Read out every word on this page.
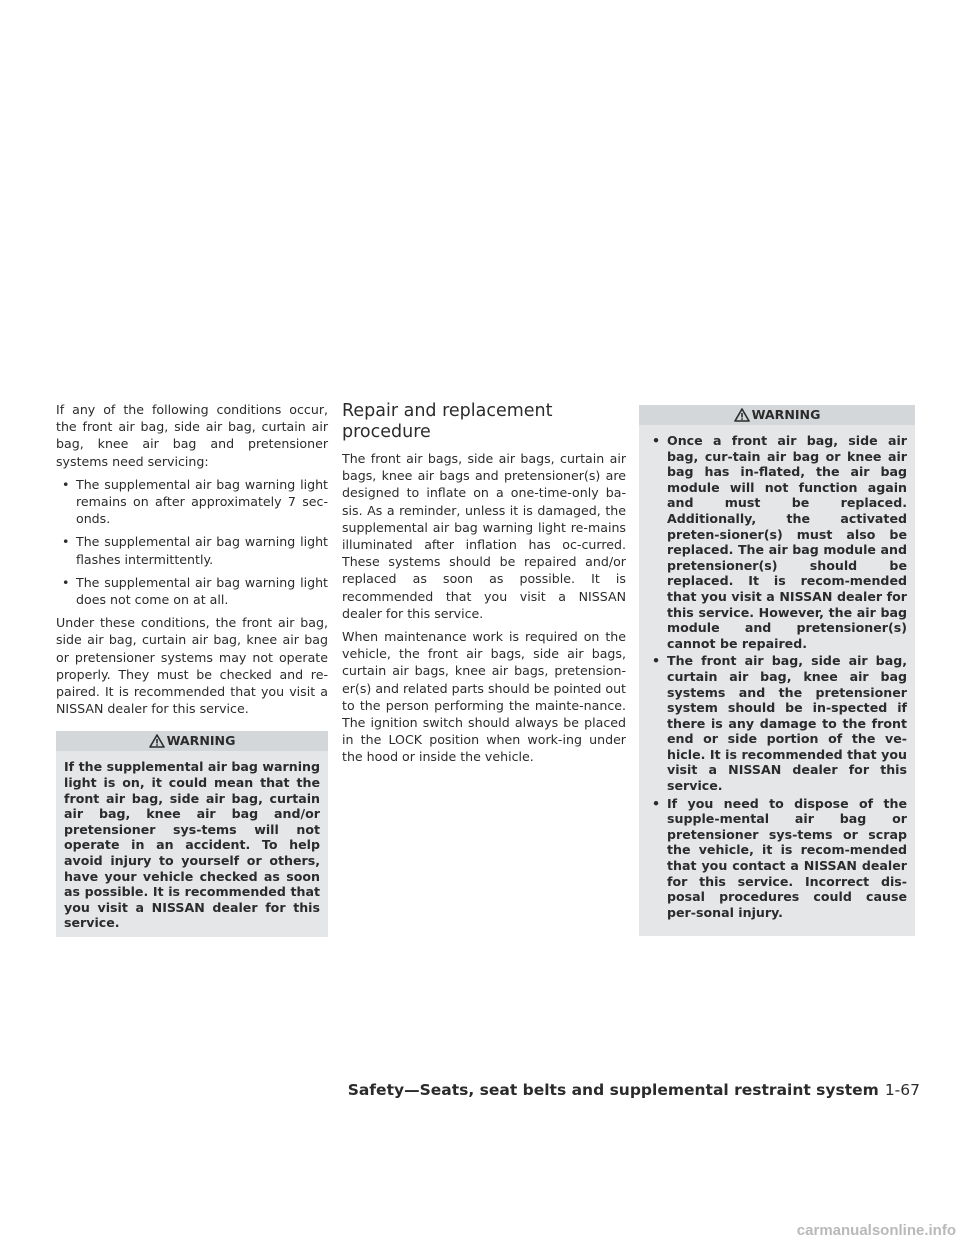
If any of the following conditions occur, the front air bag, side air bag, curtain air bag, knee air bag and pretensioner systems need servicing:

• The supplemental air bag warning light remains on after approximately 7 sec-onds.
• The supplemental air bag warning light flashes intermittently.
• The supplemental air bag warning light does not come on at all.

Under these conditions, the front air bag, side air bag, curtain air bag, knee air bag or pretensioner systems may not operate properly. They must be checked and re-paired. It is recommended that you visit a NISSAN dealer for this service.

WARNING
If the supplemental air bag warning light is on, it could mean that the front air bag, side air bag, curtain air bag, knee air bag and/or pretensioner sys-tems will not operate in an accident. To help avoid injury to yourself or others, have your vehicle checked as soon as possible. It is recommended that you visit a NISSAN dealer for this service.
Repair and replacement procedure

The front air bags, side air bags, curtain air bags, knee air bags and pretensioner(s) are designed to inflate on a one-time-only ba-sis. As a reminder, unless it is damaged, the supplemental air bag warning light re-mains illuminated after inflation has oc-curred. These systems should be repaired and/or replaced as soon as possible. It is recommended that you visit a NISSAN dealer for this service.

When maintenance work is required on the vehicle, the front air bags, side air bags, curtain air bags, knee air bags, pretension-er(s) and related parts should be pointed out to the person performing the mainte-nance. The ignition switch should always be placed in the LOCK position when work-ing under the hood or inside the vehicle.

WARNING
• Once a front air bag, side air bag, cur-tain air bag or knee air bag has in-flated, the air bag module will not function again and must be replaced. Additionally, the activated preten-sioner(s) must also be replaced. The air bag module and pretensioner(s) should be replaced. It is recom-mended that you visit a NISSAN dealer for this service. However, the air bag module and pretensioner(s) cannot be repaired.
• The front air bag, side air bag, curtain air bag, knee air bag systems and the pretensioner system should be in-spected if there is any damage to the front end or side portion of the ve-hicle. It is recommended that you visit a NISSAN dealer for this service.
• If you need to dispose of the supple-mental air bag or pretensioner sys-tems or scrap the vehicle, it is recom-mended that you contact a NISSAN dealer for this service. Incorrect dis-posal procedures could cause per-sonal injury.
Safety—Seats, seat belts and supplemental restraint system 1-67
carmanualsonline.info
